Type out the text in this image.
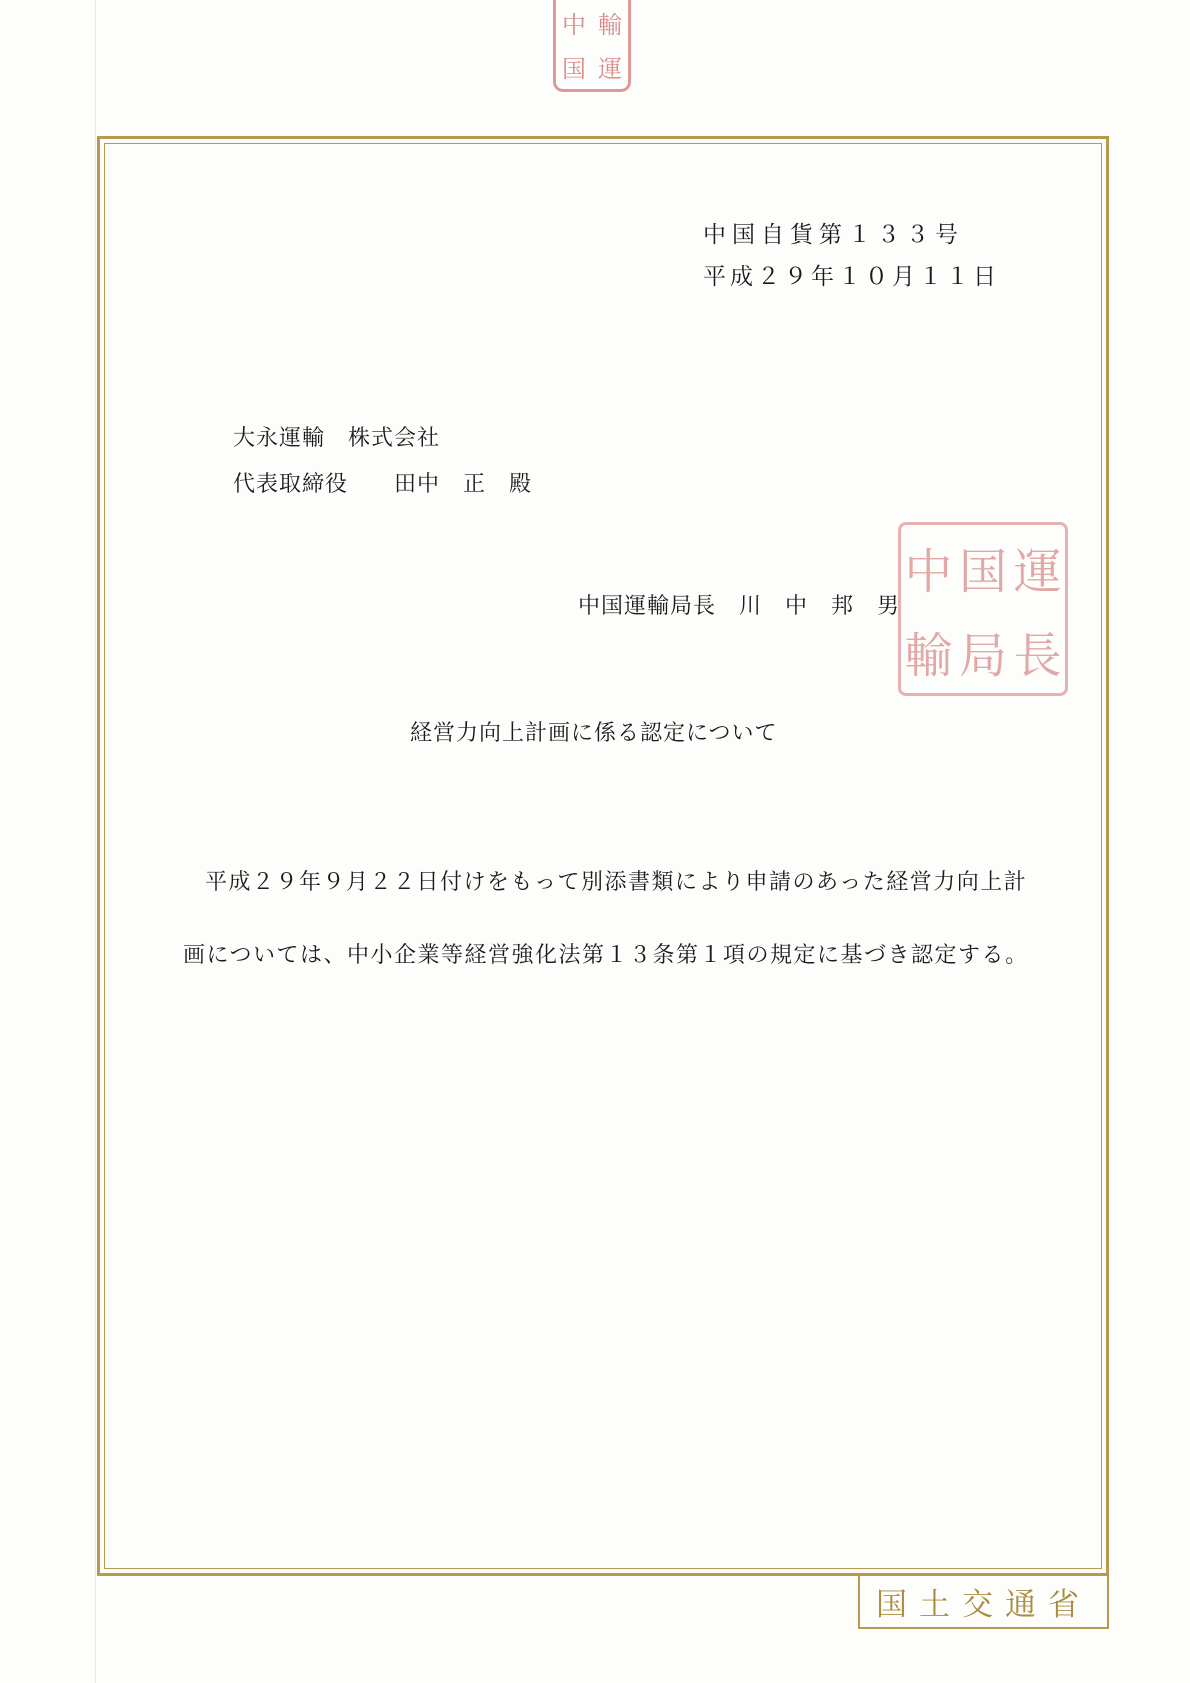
中 輸
国 運
国土交通省
中国自貨第１３３号
平成２９年１０月１１日
大永運輸　株式会社
代表取締役　　田中　正　殿
中国運輸局長　川　中　邦　男
中 国 運
輸 局 長
経営力向上計画に係る認定について

平成２９年９月２２日付けをもって別添書類により申請のあった経営力向上計画については、中小企業等経営強化法第１３条第１項の規定に基づき認定する。
